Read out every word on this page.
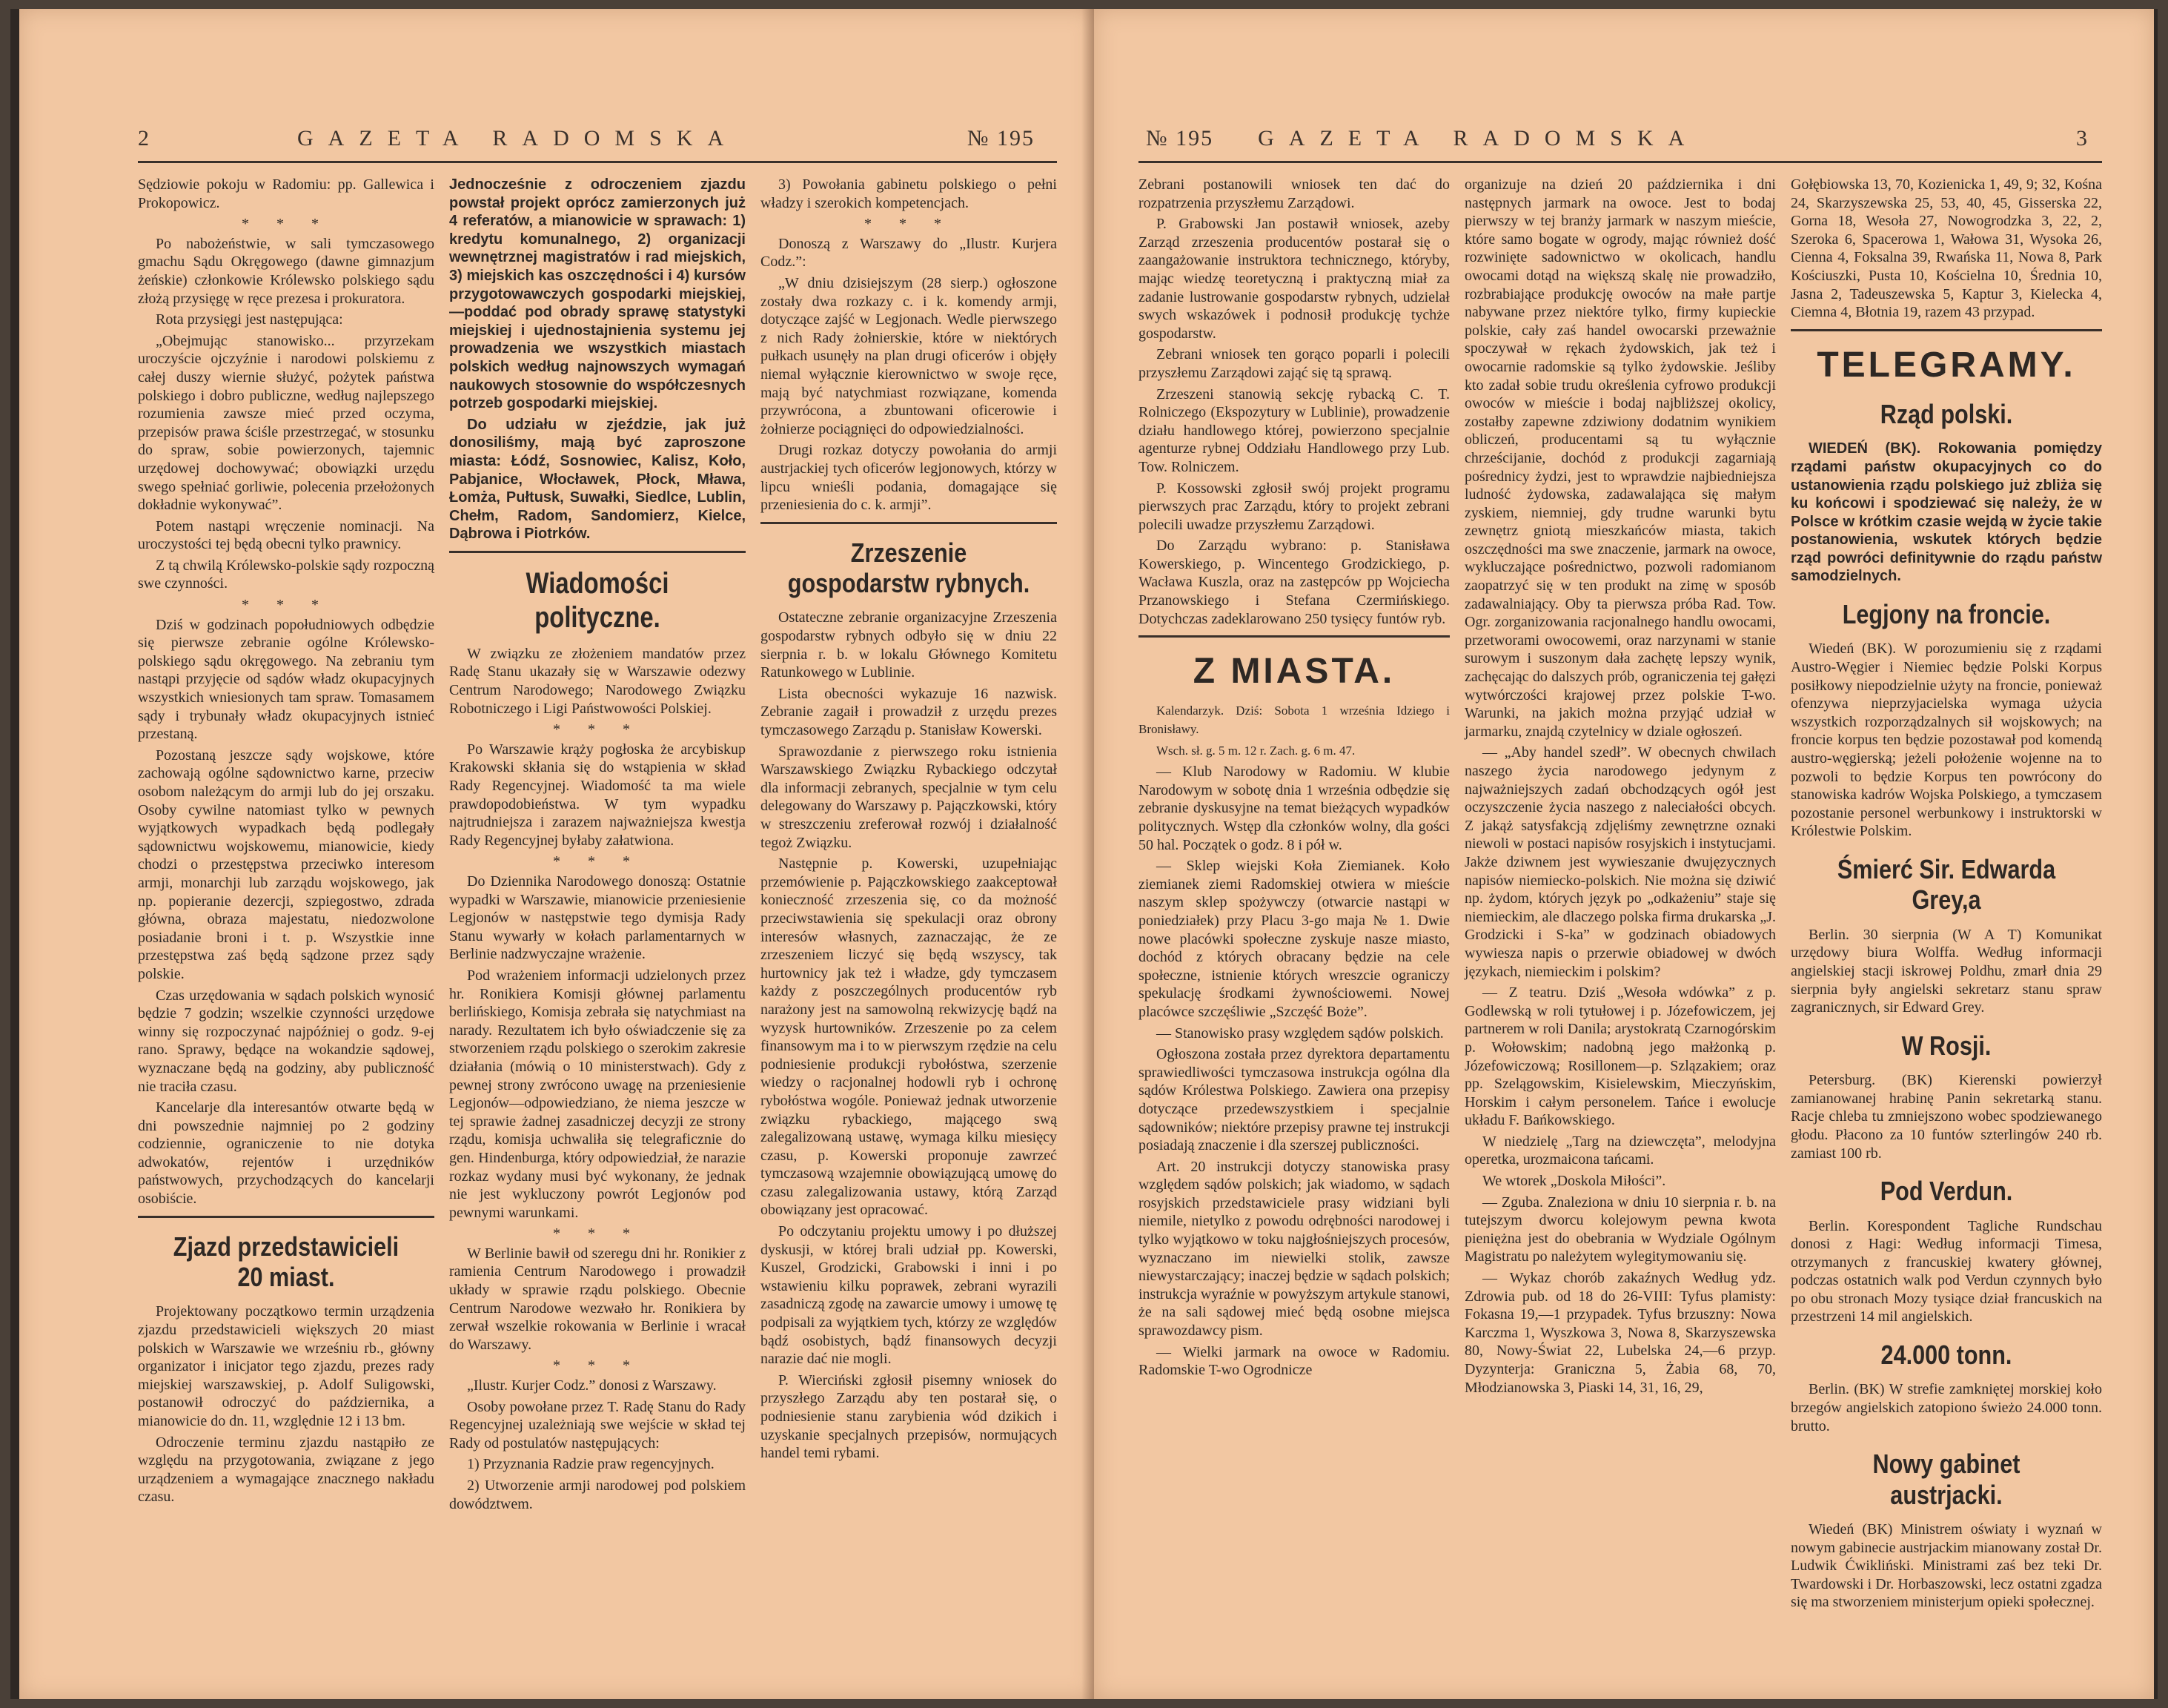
2	GAZETA RADOMSKA	№ 195

Sędziowie pokoju w Radomiu: pp. Gallewica i Prokopowicz.

* * *

Po nabożeństwie, w sali tymczasowego gmachu Sądu Okręgowego (dawne gimnazjum żeńskie) członkowie Królewsko polskiego sądu złożą przysięgę w ręce prezesa i prokuratora.

Rota przysięgi jest następująca:

„Obejmując stanowisko... przyrzekam uroczyście ojczyźnie i narodowi polskiemu z całej duszy wiernie służyć, pożytek państwa polskiego i dobro publiczne, według najlepszego rozumienia zawsze mieć przed oczyma, przepisów prawa ściśle przestrzegać, w stosunku do spraw, sobie powierzonych, tajemnic urzędowej dochowywać; obowiązki urzędu swego spełniać gorliwie, polecenia przełożonych dokładnie wykonywać”.

Potem nastąpi wręczenie nominacji. Na uroczystości tej będą obecni tylko prawnicy.

Z tą chwilą Królewsko-polskie sądy rozpoczną swe czynności.

* * *

Dziś w godzinach popołudniowych odbędzie się pierwsze zebranie ogólne Królewsko-polskiego sądu okręgowego. Na zebraniu tym nastąpi przyjęcie od sądów władz okupacyjnych wszystkich wniesionych tam spraw. Tomasamem sądy i trybunały władz okupacyjnych istnieć przestaną.

Pozostaną jeszcze sądy wojskowe, które zachowają ogólne sądownictwo karne, przeciw osobom należącym do armji lub do jej orszaku. Osoby cywilne natomiast tylko w pewnych wyjątkowych wypadkach będą podlegały sądownictwu wojskowemu, mianowicie, kiedy chodzi o przestępstwa przeciwko interesom armji, monarchji lub zarządu wojskowego, jak np. popieranie dezercji, szpiegostwo, zdrada główna, obraza majestatu, niedozwolone posiadanie broni i t. p. Wszystkie inne przestępstwa zaś będą sądzone przez sądy polskie.

Czas urzędowania w sądach polskich wynosić będzie 7 godzin; wszelkie czynności urzędowe winny się rozpoczynać najpóźniej o godz. 9-ej rano. Sprawy, będące na wokandzie sądowej, wyznaczane będą na godziny, aby publiczność nie traciła czasu.

Kancelarje dla interesantów otwarte będą w dni powszednie najmniej po 2 godziny codziennie, ograniczenie to nie dotyka adwokatów, rejentów i urzędników państwowych, przychodzących do kancelarji osobiście.

Zjazd przedstawicieli 20 miast.

Projektowany początkowo termin urządzenia zjazdu przedstawicieli większych 20 miast polskich w Warszawie we wrześniu rb., główny organizator i inicjator tego zjazdu, prezes rady miejskiej warszawskiej, p. Adolf Suligowski, postanowił odroczyć do października, a mianowicie do dn. 11, względnie 12 i 13 bm.

Odroczenie terminu zjazdu nastąpiło ze względu na przygotowania, związane z jego urządzeniem a wymagające znacznego nakładu czasu.

Jednocześnie z odroczeniem zjazdu powstał projekt oprócz zamierzonych już 4 referatów, a mianowicie w sprawach: 1) kredytu komunalnego, 2) organizacji wewnętrznej magistratów i rad miejskich, 3) miejskich kas oszczędności i 4) kursów przygotowawczych gospodarki miejskiej,—poddać pod obrady sprawę statystyki miejskiej i ujednostajnienia systemu jej prowadzenia we wszystkich miastach polskich według najnowszych wymagań naukowych stosownie do współczesnych potrzeb gospodarki miejskiej.

Do udziału w zjeździe, jak już donosiliśmy, mają być zaproszone miasta: Łódź, Sosnowiec, Kalisz, Koło, Pabjanice, Włocławek, Płock, Mława, Łomża, Pułtusk, Suwałki, Siedlce, Lublin, Chełm, Radom, Sandomierz, Kielce, Dąbrowa i Piotrków.

Wiadomości polityczne.

W związku ze złożeniem mandatów przez Radę Stanu ukazały się w Warszawie odezwy Centrum Narodowego; Narodowego Związku Robotniczego i Ligi Państwowości Polskiej.

* * *

Po Warszawie krąży pogłoska że arcybiskup Krakowski skłania się do wstąpienia w skład Rady Regencyjnej. Wiadomość ta ma wiele prawdopodobieństwa. W tym wypadku najtrudniejsza i zarazem najważniejsza kwestja Rady Regencyjnej byłaby załatwiona.

* * *

Do Dziennika Narodowego donoszą: Ostatnie wypadki w Warszawie, mianowicie przeniesienie Legjonów w następstwie tego dymisja Rady Stanu wywarły w kołach parlamentarnych w Berlinie nadzwyczajne wrażenie.

Pod wrażeniem informacji udzielonych przez hr. Ronikiera Komisji głównej parlamentu berlińskiego, Komisja zebrała się natychmiast na narady. Rezultatem ich było oświadczenie się za stworzeniem rządu polskiego o szerokim zakresie działania (mówią o 10 ministerstwach). Gdy z pewnej strony zwrócono uwagę na przeniesienie Legjonów—odpowiedziano, że niema jeszcze w tej sprawie żadnej zasadniczej decyzji ze strony rządu, komisja uchwaliła się telegraficznie do gen. Hindenburga, który odpowiedział, że narazie rozkaz wydany musi być wykonany, że jednak nie jest wykluczony powrót Legjonów pod pewnymi warunkami.

* * *

W Berlinie bawił od szeregu dni hr. Ronikier z ramienia Centrum Narodowego i prowadził układy w sprawie rządu polskiego. Obecnie Centrum Narodowe wezwało hr. Ronikiera by zerwał wszelkie rokowania w Berlinie i wracał do Warszawy.

* * *

„Ilustr. Kurjer Codz.” donosi z Warszawy.

Osoby powołane przez T. Radę Stanu do Rady Regencyjnej uzależniają swe wejście w skład tej Rady od postulatów następujących:

1) Przyznania Radzie praw regencyjnych.

2) Utworzenie armji narodowej pod polskiem dowództwem.

3) Powołania gabinetu polskiego o pełni władzy i szerokich kompetencjach.

* * *

Donoszą z Warszawy do „Ilustr. Kurjera Codz.”:

„W dniu dzisiejszym (28 sierp.) ogłoszone zostały dwa rozkazy c. i k. komendy armji, dotyczące zajść w Legjonach. Wedle pierwszego z nich Rady żołnierskie, które w niektórych pułkach usunęły na plan drugi oficerów i objęły niemal wyłącznie kierownictwo w swoje ręce, mają być natychmiast rozwiązane, komenda przywrócona, a zbuntowani oficerowie i żołnierze pociągnięci do odpowiedzialności.

Drugi rozkaz dotyczy powołania do armji austrjackiej tych oficerów legjonowych, którzy w lipcu wnieśli podania, domagające się przeniesienia do c. k. armji”.

Zrzeszenie gospodarstw rybnych.

Ostateczne zebranie organizacyjne Zrzeszenia gospodarstw rybnych odbyło się w dniu 22 sierpnia r. b. w lokalu Głównego Komitetu Ratunkowego w Lublinie.

Lista obecności wykazuje 16 nazwisk. Zebranie zagaił i prowadził z urzędu prezes tymczasowego Zarządu p. Stanisław Kowerski.

Sprawozdanie z pierwszego roku istnienia Warszawskiego Związku Rybackiego odczytał dla informacji zebranych, specjalnie w tym celu delegowany do Warszawy p. Pajączkowski, który w streszczeniu zreferował rozwój i działalność tegoż Związku.

Następnie p. Kowerski, uzupełniając przemówienie p. Pajączkowskiego zaakceptował konieczność zrzeszenia się, co da możność przeciwstawienia się spekulacji oraz obrony interesów własnych, zaznaczając, że ze zrzeszeniem liczyć się będą wszyscy, tak hurtownicy jak też i władze, gdy tymczasem każdy z poszczególnych producentów ryb narażony jest na samowolną rekwizycję bądź na wyzysk hurtowników. Zrzeszenie po za celem finansowym ma i to w pierwszym rzędzie na celu podniesienie produkcji rybołóstwa, szerzenie wiedzy o racjonalnej hodowli ryb i ochronę rybołóstwa wogóle. Ponieważ jednak utworzenie związku rybackiego, mającego swą zalegalizowaną ustawę, wymaga kilku miesięcy czasu, p. Kowerski proponuje zawrzeć tymczasową wzajemnie obowiązującą umowę do czasu zalegalizowania ustawy, którą Zarząd obowiązany jest opracować.

Po odczytaniu projektu umowy i po dłuższej dyskusji, w której brali udział pp. Kowerski, Kuszel, Grodzicki, Grabowski i inni i po wstawieniu kilku poprawek, zebrani wyrazili zasadniczą zgodę na zawarcie umowy i umowę tę podpisali za wyjątkiem tych, którzy ze względów bądź osobistych, bądź finansowych decyzji narazie dać nie mogli.

P. Wierciński zgłosił pisemny wniosek do przyszłego Zarządu aby ten postarał się, o podniesienie stanu zarybienia wód dzikich i uzyskanie specjalnych przepisów, normujących handel temi rybami.

№ 195 GAZETA RADOMSKA	3

Zebrani postanowili wniosek ten dać do rozpatrzenia przyszłemu Zarządowi.

P. Grabowski Jan postawił wniosek, azeby Zarząd zrzeszenia producentów postarał się o zaangażowanie instruktora technicznego, któryby, mając wiedzę teoretyczną i praktyczną miał za zadanie lustrowanie gospodarstw rybnych, udzielał swych wskazówek i podnosił produkcję tychże gospodarstw.

Zebrani wniosek ten gorąco poparli i polecili przyszłemu Zarządowi zająć się tą sprawą.

Zrzeszeni stanowią sekcję rybacką C. T. Rolniczego (Ekspozytury w Lublinie), prowadzenie działu handlowego której, powierzono specjalnie agenturze rybnej Oddziału Handlowego przy Lub. Tow. Rolniczem.

P. Kossowski zgłosił swój projekt programu pierwszych prac Zarządu, który to projekt zebrani polecili uwadze przyszłemu Zarządowi.

Do Zarządu wybrano: p. Stanisława Kowerskiego, p. Wincentego Grodzickiego, p. Wacława Kuszla, oraz na zastępców pp Wojciecha Przanowskiego i Stefana Czermińskiego. Dotychczas zadeklarowano 250 tysięcy funtów ryb.

Z MIASTA.

Kalendarzyk. Dziś: Sobota 1 września Idziego i Bronisławy.

Wsch. sł. g. 5 m. 12 r. Zach. g. 6 m. 47.

— Klub Narodowy w Radomiu. W klubie Narodowym w sobotę dnia 1 września odbędzie się zebranie dyskusyjne na temat bieżących wypadków politycznych. Wstęp dla członków wolny, dla gości 50 hal. Początek o godz. 8 i pół w.

— Sklep wiejski Koła Ziemianek. Koło ziemianek ziemi Radomskiej otwiera w mieście naszym sklep spożywczy (otwarcie nastąpi w poniedziałek) przy Placu 3-go maja № 1. Dwie nowe placówki społeczne zyskuje nasze miasto, dochód z których obracany będzie na cele społeczne, istnienie których wreszcie ograniczy spekulację środkami żywnościowemi. Nowej placówce szczęśliwie „Szczęść Boże”.

— Stanowisko prasy względem sądów polskich.

Ogłoszona została przez dyrektora departamentu sprawiedliwości tymczasowa instrukcja ogólna dla sądów Królestwa Polskiego. Zawiera ona przepisy dotyczące przedewszystkiem i specjalnie sądowników; niektóre przepisy prawne tej instrukcji posiadają znaczenie i dla szerszej publiczności.

Art. 20 instrukcji dotyczy stanowiska prasy względem sądów polskich; jak wiadomo, w sądach rosyjskich przedstawiciele prasy widziani byli niemile, nietylko z powodu odrębności narodowej i tylko wyjątkowo w toku najgłośniejszych procesów, wyznaczano im niewielki stolik, zawsze niewystarczający; inaczej będzie w sądach polskich; instrukcja wyraźnie w powyższym artykule stanowi, że na sali sądowej mieć będą osobne miejsca sprawozdawcy pism.

— Wielki jarmark na owoce w Radomiu. Radomskie T-wo Ogrodnicze

organizuje na dzień 20 października i dni następnych jarmark na owoce. Jest to bodaj pierwszy w tej branży jarmark w naszym mieście, które samo bogate w ogrody, mając również dość rozwinięte sadownictwo w okolicach, handlu owocami dotąd na większą skalę nie prowadziło, rozbrabiające produkcję owoców na małe partje nabywane przez niektóre tylko, firmy kupieckie polskie, cały zaś handel owocarski przeważnie spoczywał w rękach żydowskich, jak też i owocarnie radomskie są tylko żydowskie. Jeśliby kto zadał sobie trudu określenia cyfrowo produkcji owoców w mieście i bodaj najbliższej okolicy, zostałby zapewne zdziwiony dodatnim wynikiem obliczeń, producentami są tu wyłącznie chrześcijanie, dochód z produkcji zagarniają pośrednicy żydzi, jest to wprawdzie najbiedniejsza ludność żydowska, zadawalająca się małym zyskiem, niemniej, gdy trudne warunki bytu zewnętrz gniotą mieszkańców miasta, takich oszczędności ma swe znaczenie, jarmark na owoce, wykluczające pośrednictwo, pozwoli radomianom zaopatrzyć się w ten produkt na zimę w sposób zadawalniający. Oby ta pierwsza próba Rad. Tow. Ogr. zorganizowania racjonalnego handlu owocami, przetworami owocowemi, oraz narzynami w stanie surowym i suszonym dała zachętę lepszy wynik, zachęcając do dalszych prób, ograniczenia tej gałęzi wytwórczości krajowej przez polskie T-wo. Warunki, na jakich można przyjąć udział w jarmarku, znajdą czytelnicy w dziale ogłoszeń.

— „Aby handel szedł”. W obecnych chwilach naszego życia narodowego jedynym z najważniejszych zadań obchodzących ogół jest oczyszczenie życia naszego z naleciałości obcych. Z jakąż satysfakcją zdjęliśmy zewnętrzne oznaki niewoli w postaci napisów rosyjskich i instytucjami. Jakże dziwnem jest wywieszanie dwujęzycznych napisów niemiecko-polskich. Nie można się dziwić np. żydom, których język po „odkażeniu” staje się niemieckim, ale dlaczego polska firma drukarska „J. Grodzicki i S-ka” w godzinach obiadowych wywiesza napis o przerwie obiadowej w dwóch językach, niemieckim i polskim?

— Z teatru. Dziś „Wesoła wdówka” z p. Godlewską w roli tytułowej i p. Józefowiczem, jej partnerem w roli Danila; arystokratą Czarnogórskim p. Wołowskim; nadobną jego małżonką p. Józefowiczową; Rosillonem—p. Szlązakiem; oraz pp. Szelągowskim, Kisielewskim, Mieczyńskim, Horskim i całym personelem. Tańce i ewolucje układu F. Bańkowskiego.

W niedzielę „Targ na dziewczęta”, melodyjna operetka, urozmaicona tańcami.

We wtorek „Doskola Miłości”.

— Zguba. Znaleziona w dniu 10 sierpnia r. b. na tutejszym dworcu kolejowym pewna kwota pieniężna jest do obebrania w Wydziale Ogólnym Magistratu po należytem wylegitymowaniu się.

— Wykaz chorób zakaźnych Według ydz. Zdrowia pub. od 18 do 26-VIII: Tyfus plamisty: Fokasna 19,—1 przypadek. Tyfus brzuszny: Nowa Karczma 1, Wyszkowa 3, Nowa 8, Skarzyszewska 80, Nowy-Świat 22, Lubelska 24,—6 przyp. Dyzynterja: Graniczna 5, Żabia 68, 70, Młodzianowska 3, Piaski 14, 31, 16, 29,

Gołębiowska 13, 70, Kozienicka 1, 49, 9; 32, Kośna 24, Skarzyszewska 25, 53, 40, 45, Gisserska 22, Gorna 18, Wesoła 27, Nowogrodzka 3, 22, 2, Szeroka 6, Spacerowa 1, Wałowa 31, Wysoka 26, Cienna 4, Foksalna 39, Rwańska 11, Nowa 8, Park Kościuszki, Pusta 10, Kościelna 10, Średnia 10, Jasna 2, Tadeuszewska 5, Kaptur 3, Kielecka 4, Ciemna 4, Błotnia 19, razem 43 przypad.

TELEGRAMY.
Rząd polski.

WIEDEŃ (BK). Rokowania pomiędzy rządami państw okupacyjnych co do ustanowienia rządu polskiego już zbliża się ku końcowi i spodziewać się należy, że w Polsce w krótkim czasie wejdą w życie takie postanowienia, wskutek których będzie rząd powróci definitywnie do rządu państw samodzielnych.

Legjony na froncie.

Wiedeń (BK). W porozumieniu się z rządami Austro-Węgier i Niemiec będzie Polski Korpus posiłkowy niepodzielnie użyty na froncie, ponieważ ofenzywa nieprzyjacielska wymaga użycia wszystkich rozporządzalnych sił wojskowych; na froncie korpus ten będzie pozostawał pod komendą austro-węgierską; jeżeli położenie wojenne na to pozwoli to będzie Korpus ten powrócony do stanowiska kadrów Wojska Polskiego, a tymczasem pozostanie personel werbunkowy i instruktorski w Królestwie Polskim.

Śmierć Sir. Edwarda Grey,a

Berlin. 30 sierpnia (W A T) Komunikat urzędowy biura Wolffa. Według informacji angielskiej stacji iskrowej Poldhu, zmarł dnia 29 sierpnia były angielski sekretarz stanu spraw zagranicznych, sir Edward Grey.

W Rosji.

Petersburg. (BK) Kierenski powierzył zamianowanej hrabinę Panin sekretarką stanu. Racje chleba tu zmniejszono wobec spodziewanego głodu. Płacono za 10 funtów szterlingów 240 rb. zamiast 100 rb.

Pod Verdun.

Berlin. Korespondent Tagliche Rundschau donosi z Hagi: Według informacji Timesa, otrzymanych z francuskiej kwatery głównej, podczas ostatnich walk pod Verdun czynnych było po obu stronach Mozy tysiące dział francuskich na przestrzeni 14 mil angielskich.

24.000 tonn.

Berlin. (BK) W strefie zamkniętej morskiej koło brzegów angielskich zatopiono świeżo 24.000 tonn. brutto.

Nowy gabinet austrjacki.

Wiedeń (BK) Ministrem oświaty i wyznań w nowym gabinecie austrjackim mianowany został Dr. Ludwik Ćwikliński. Ministrami zaś bez teki Dr. Twardowski i Dr. Horbaszowski, lecz ostatni zgadza się ma stworzeniem ministerjum opieki społecznej.
